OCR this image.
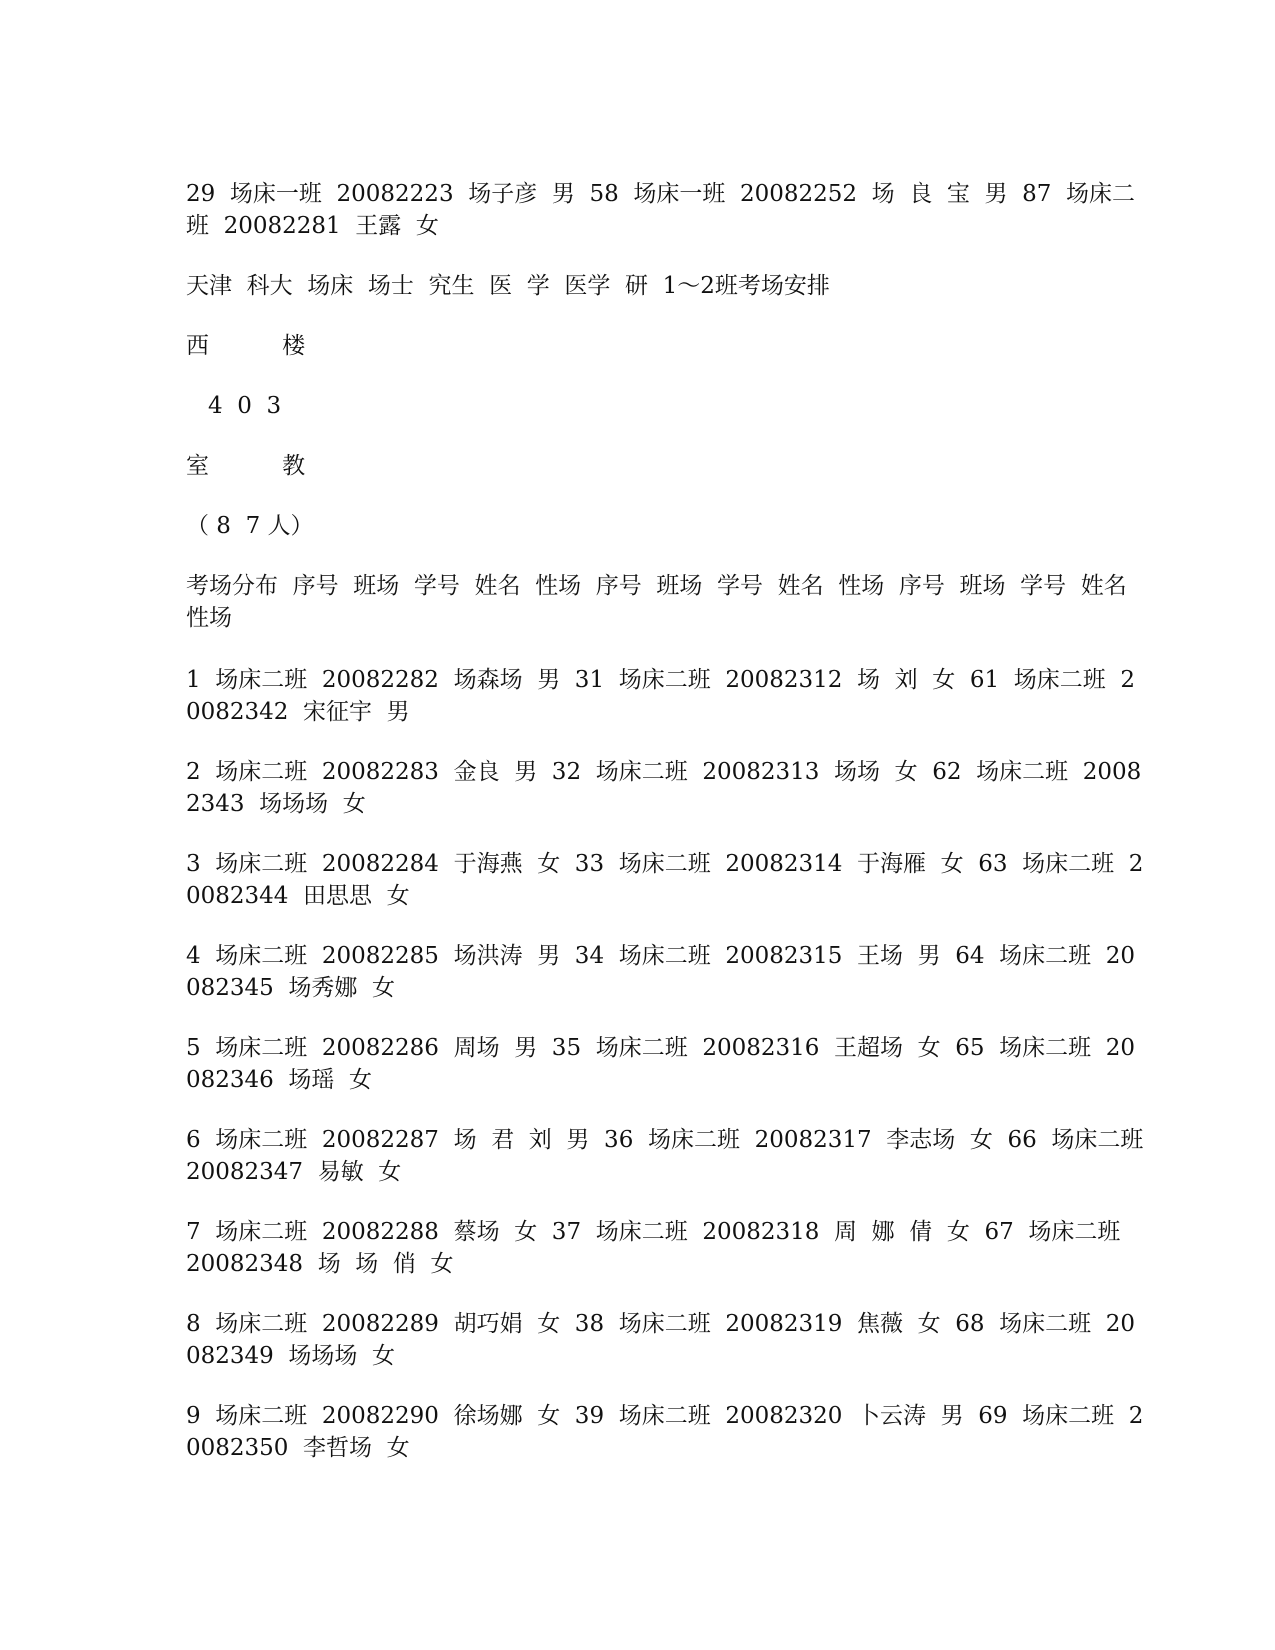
29  场床一班  20082223  场子彦  男  58  场床一班  20082252  场  良  宝  男  87  场床二班  20082281  王露  女

天津  科大  场床  场士  究生  医  学  医学  研  1～2班考场安排

西          楼

4  0  3

室          教

（ 8  7 人）

考场分布  序号  班场  学号  姓名  性场  序号  班场  学号  姓名  性场  序号  班场  学号  姓名  性场

1  场床二班  20082282  场森场  男  31  场床二班  20082312  场  刘  女  61  场床二班  20082342  宋征宇  男

2  场床二班  20082283  金良  男  32  场床二班  20082313  场场  女  62  场床二班  20082343  场场场  女

3  场床二班  20082284  于海燕  女  33  场床二班  20082314  于海雁  女  63  场床二班  20082344  田思思  女

4  场床二班  20082285  场洪涛  男  34  场床二班  20082315  王场  男  64  场床二班  20082345  场秀娜  女

5  场床二班  20082286  周场  男  35  场床二班  20082316  王超场  女  65  场床二班  20082346  场瑶  女

6  场床二班  20082287  场  君  刘  男  36  场床二班  20082317  李志场  女  66  场床二班  20082347  易敏  女

7  场床二班  20082288  蔡场  女  37  场床二班  20082318  周  娜  倩  女  67  场床二班  20082348  场  场  俏  女

8  场床二班  20082289  胡巧娟  女  38  场床二班  20082319  焦薇  女  68  场床二班  20082349  场场场  女

9  场床二班  20082290  徐场娜  女  39  场床二班  20082320  卜云涛  男  69  场床二班  20082350  李哲场  女
